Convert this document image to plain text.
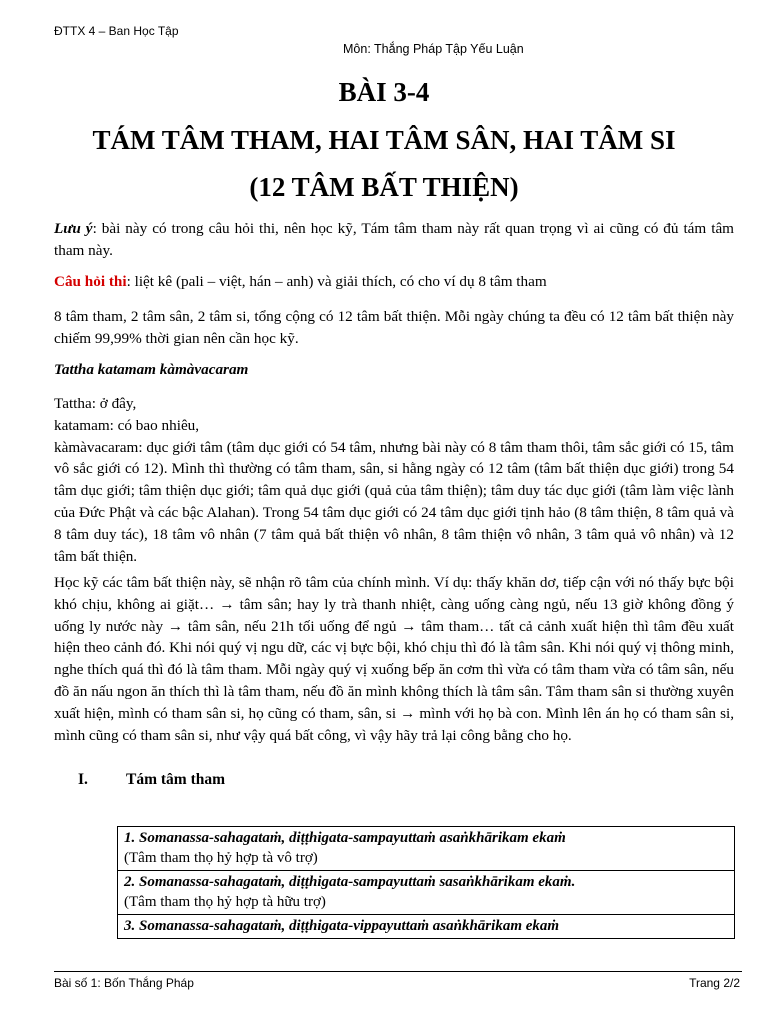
ĐTTX 4 – Ban Học Tập
Môn: Thắng Pháp Tập Yếu Luận
BÀI 3-4
TÁM TÂM THAM, HAI TÂM SÂN, HAI TÂM SI
(12 TÂM BẤT THIỆN)
Lưu ý: bài này có trong câu hỏi thi, nên học kỹ, Tám tâm tham này rất quan trọng vì ai cũng có đủ tám tâm tham này.
Câu hỏi thi: liệt kê (pali – việt, hán – anh) và giải thích, có cho ví dụ 8 tâm tham
8 tâm tham, 2 tâm sân, 2 tâm si, tổng cộng có 12 tâm bất thiện. Mỗi ngày chúng ta đều có 12 tâm bất thiện này chiếm 99,99% thời gian nên cần học kỹ.
Tattha katamam kàmàvacaram
Tattha: ở đây,
katamam: có bao nhiêu,
kàmàvacaram: dục giới tâm (tâm dục giới có 54 tâm, nhưng bài này có 8 tâm tham thôi, tâm sắc giới có 15, tâm vô sắc giới có 12). Mình thì thường có tâm tham, sân, si hằng ngày có 12 tâm (tâm bất thiện dục giới) trong 54 tâm dục giới; tâm thiện dục giới; tâm quả dục giới (quả của tâm thiện); tâm duy tác dục giới (tâm làm việc lành của Đức Phật và các bậc Alahan). Trong 54 tâm dục giới có 24 tâm dục giới tịnh hảo (8 tâm thiện, 8 tâm quả và 8 tâm duy tác), 18 tâm vô nhân (7 tâm quả bất thiện vô nhân, 8 tâm thiện vô nhân, 3 tâm quả vô nhân) và 12 tâm bất thiện.
Học kỹ các tâm bất thiện này, sẽ nhận rõ tâm của chính mình. Ví dụ: thấy khăn dơ, tiếp cận với nó thấy bực bội khó chịu, không ai giặt… → tâm sân; hay ly trà thanh nhiệt, càng uống càng ngủ, nếu 13 giờ không đồng ý uống ly nước này → tâm sân, nếu 21h tối uống để ngủ → tâm tham… tất cả cảnh xuất hiện thì tâm đều xuất hiện theo cảnh đó. Khi nói quý vị ngu dữ, các vị bực bội, khó chịu thì đó là tâm sân. Khi nói quý vị thông minh, nghe thích quá thì đó là tâm tham. Mỗi ngày quý vị xuống bếp ăn cơm thì vừa có tâm tham vừa có tâm sân, nếu đồ ăn nấu ngon ăn thích thì là tâm tham, nếu đồ ăn mình không thích là tâm sân. Tâm tham sân si thường xuyên xuất hiện, mình có tham sân si, họ cũng có tham, sân, si → mình với họ bà con. Mình lên án họ có tham sân si, mình cũng có tham sân si, như vậy quá bất công, vì vậy hãy trả lại công bằng cho họ.
I. Tám tâm tham
1. Somanassa-sahagataṁ, diṭṭhigata-sampayuttaṁ asaṅkhārikam ekaṁ
(Tâm tham thọ hỷ hợp tà vô trợ)

2. Somanassa-sahagataṁ, diṭṭhigata-sampayuttaṁ sasaṅkhārikam ekaṁ.
(Tâm tham thọ hỷ hợp tà hữu trợ)

3. Somanassa-sahagataṁ, diṭṭhigata-vippayuttaṁ asaṅkhārikam ekaṁ
Bài số 1: Bốn Thắng Pháp	Trang 2/2
